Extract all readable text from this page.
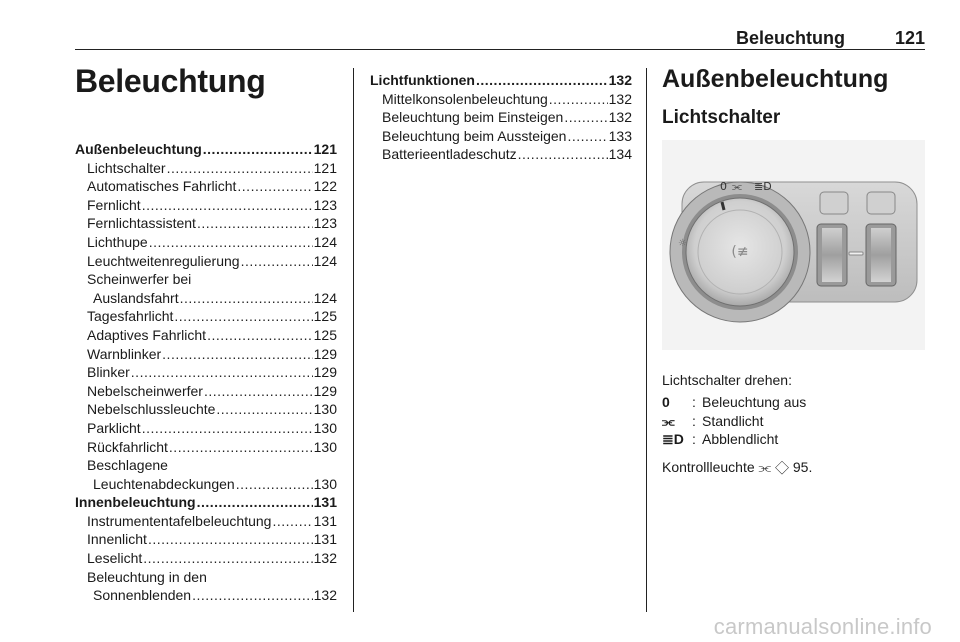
Beleuchtung	121
Beleuchtung
Außenbeleuchtung .....	121
Lichtschalter .....	121
Automatisches Fahrlicht .....	122
Fernlicht .....	123
Fernlichtassistent .....	123
Lichthupe .....	124
Leuchtweitenregulierung .....	124
Scheinwerfer bei
Auslandsfahrt .....	124
Tagesfahrlicht .....	125
Adaptives Fahrlicht .....	125
Warnblinker .....	129
Blinker .....	129
Nebelscheinwerfer .....	129
Nebelschlussleuchte .....	130
Parklicht .....	130
Rückfahrlicht .....	130
Beschlagene
Leuchtenabdeckungen .....	130
Innenbeleuchtung .....	131
Instrumententafelbeleuchtung .....	131
Innenlicht .....	131
Leselicht .....	132
Beleuchtung in den
Sonnenblenden .....	132
Lichtfunktionen .....	132
Mittelkonsolenbeleuchtung .....	132
Beleuchtung beim Einsteigen .....	132
Beleuchtung beim Aussteigen .....	133
Batterieentladeschutz .....	134
Außenbeleuchtung
Lichtschalter
(≢
0 ⫘ ≣D
☼
Lichtschalter drehen:
0	: Beleuchtung aus
⫘	: Standlicht
≣D : Abblendlicht
Kontrollleuchte ⫘ ◇ 95.
carmanualsonline.info
